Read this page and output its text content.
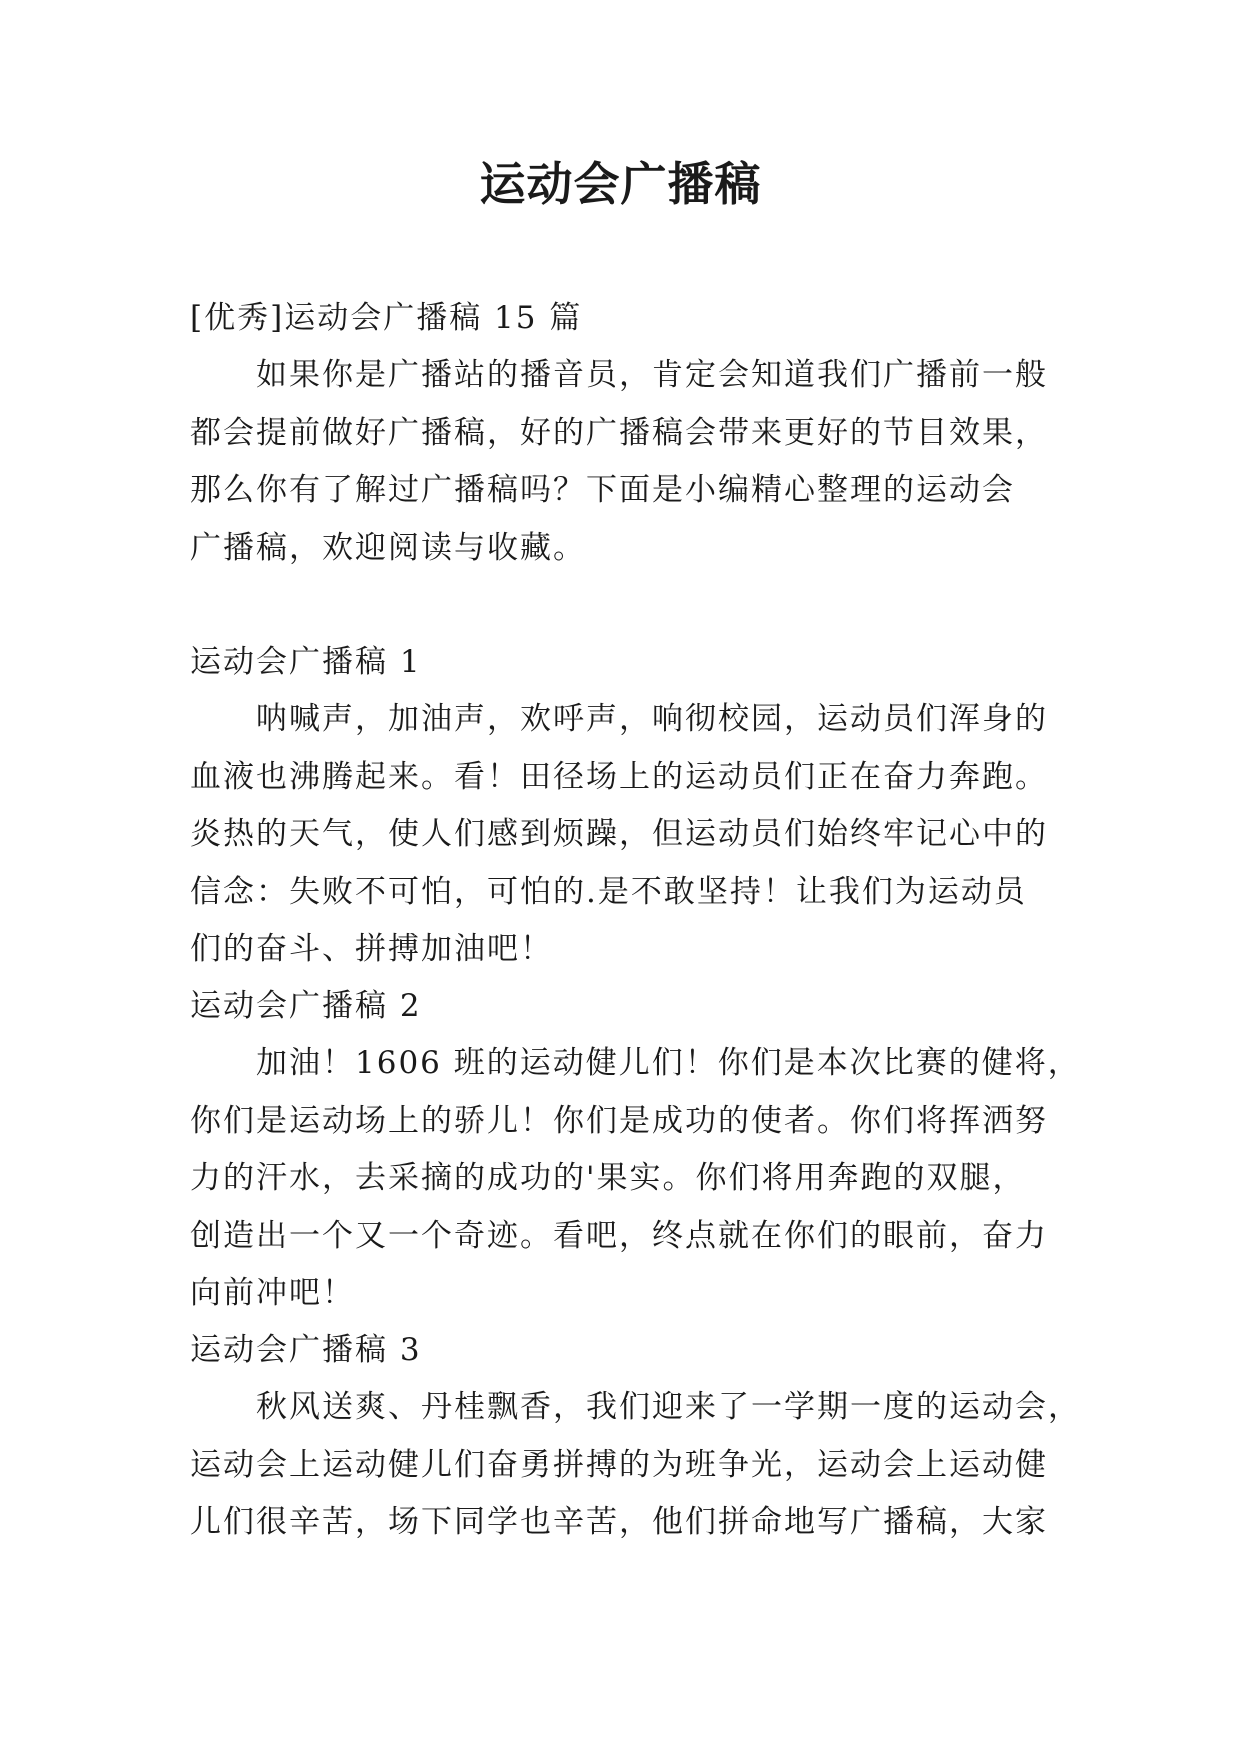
运动会广播稿
[优秀]运动会广播稿 15 篇
如果你是广播站的播音员，肯定会知道我们广播前一般
都会提前做好广播稿，好的广播稿会带来更好的节目效果，
那么你有了解过广播稿吗？下面是小编精心整理的运动会
广播稿，欢迎阅读与收藏。
运动会广播稿 1
呐喊声，加油声，欢呼声，响彻校园，运动员们浑身的
血液也沸腾起来。看！田径场上的运动员们正在奋力奔跑。
炎热的天气，使人们感到烦躁，但运动员们始终牢记心中的
信念：失败不可怕，可怕的.是不敢坚持！让我们为运动员
们的奋斗、拼搏加油吧！
运动会广播稿 2
加油！1606 班的运动健儿们！你们是本次比赛的健将，
你们是运动场上的骄儿！你们是成功的使者。你们将挥洒努
力的汗水，去采摘的成功的'果实。你们将用奔跑的双腿，
创造出一个又一个奇迹。看吧，终点就在你们的眼前，奋力
向前冲吧！
运动会广播稿 3
秋风送爽、丹桂飘香，我们迎来了一学期一度的运动会，
运动会上运动健儿们奋勇拼搏的为班争光，运动会上运动健
儿们很辛苦，场下同学也辛苦，他们拼命地写广播稿，大家
